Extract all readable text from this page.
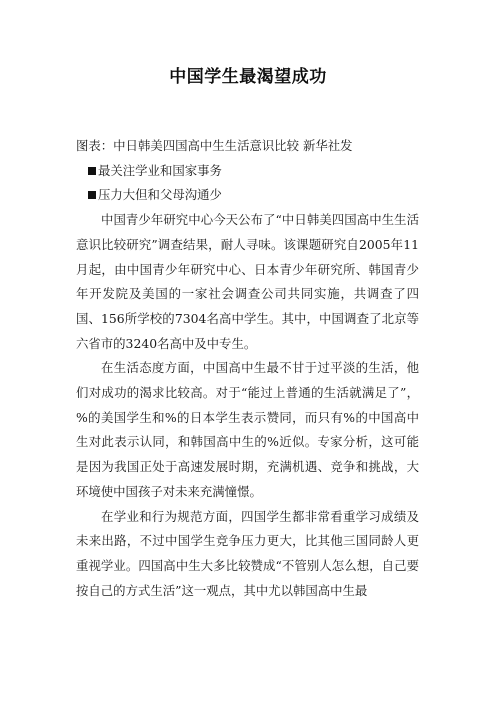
中国学生最渴望成功

图表：中日韩美四国高中生生活意识比较 新华社发

最关注学业和国家事务

压力大但和父母沟通少

中国青少年研究中心今天公布了“中日韩美四国高中生生活意识比较研究”调查结果，耐人寻味。该课题研究自2005年11月起，由中国青少年研究中心、日本青少年研究所、韩国青少年开发院及美国的一家社会调查公司共同实施，共调查了四国、156所学校的7304名高中学生。其中，中国调查了北京等六省市的3240名高中及中专生。

在生活态度方面，中国高中生最不甘于过平淡的生活，他们对成功的渴求比较高。对于“能过上普通的生活就满足了”，%的美国学生和%的日本学生表示赞同，而只有%的中国高中生对此表示认同，和韩国高中生的%近似。专家分析，这可能是因为我国正处于高速发展时期，充满机遇、竞争和挑战，大环境使中国孩子对未来充满憧憬。

在学业和行为规范方面，四国学生都非常看重学习成绩及未来出路，不过中国学生竞争压力更大，比其他三国同龄人更重视学业。四国高中生大多比较赞成“不管别人怎么想，自己要按自己的方式生活”这一观点，其中尤以韩国高中生最
